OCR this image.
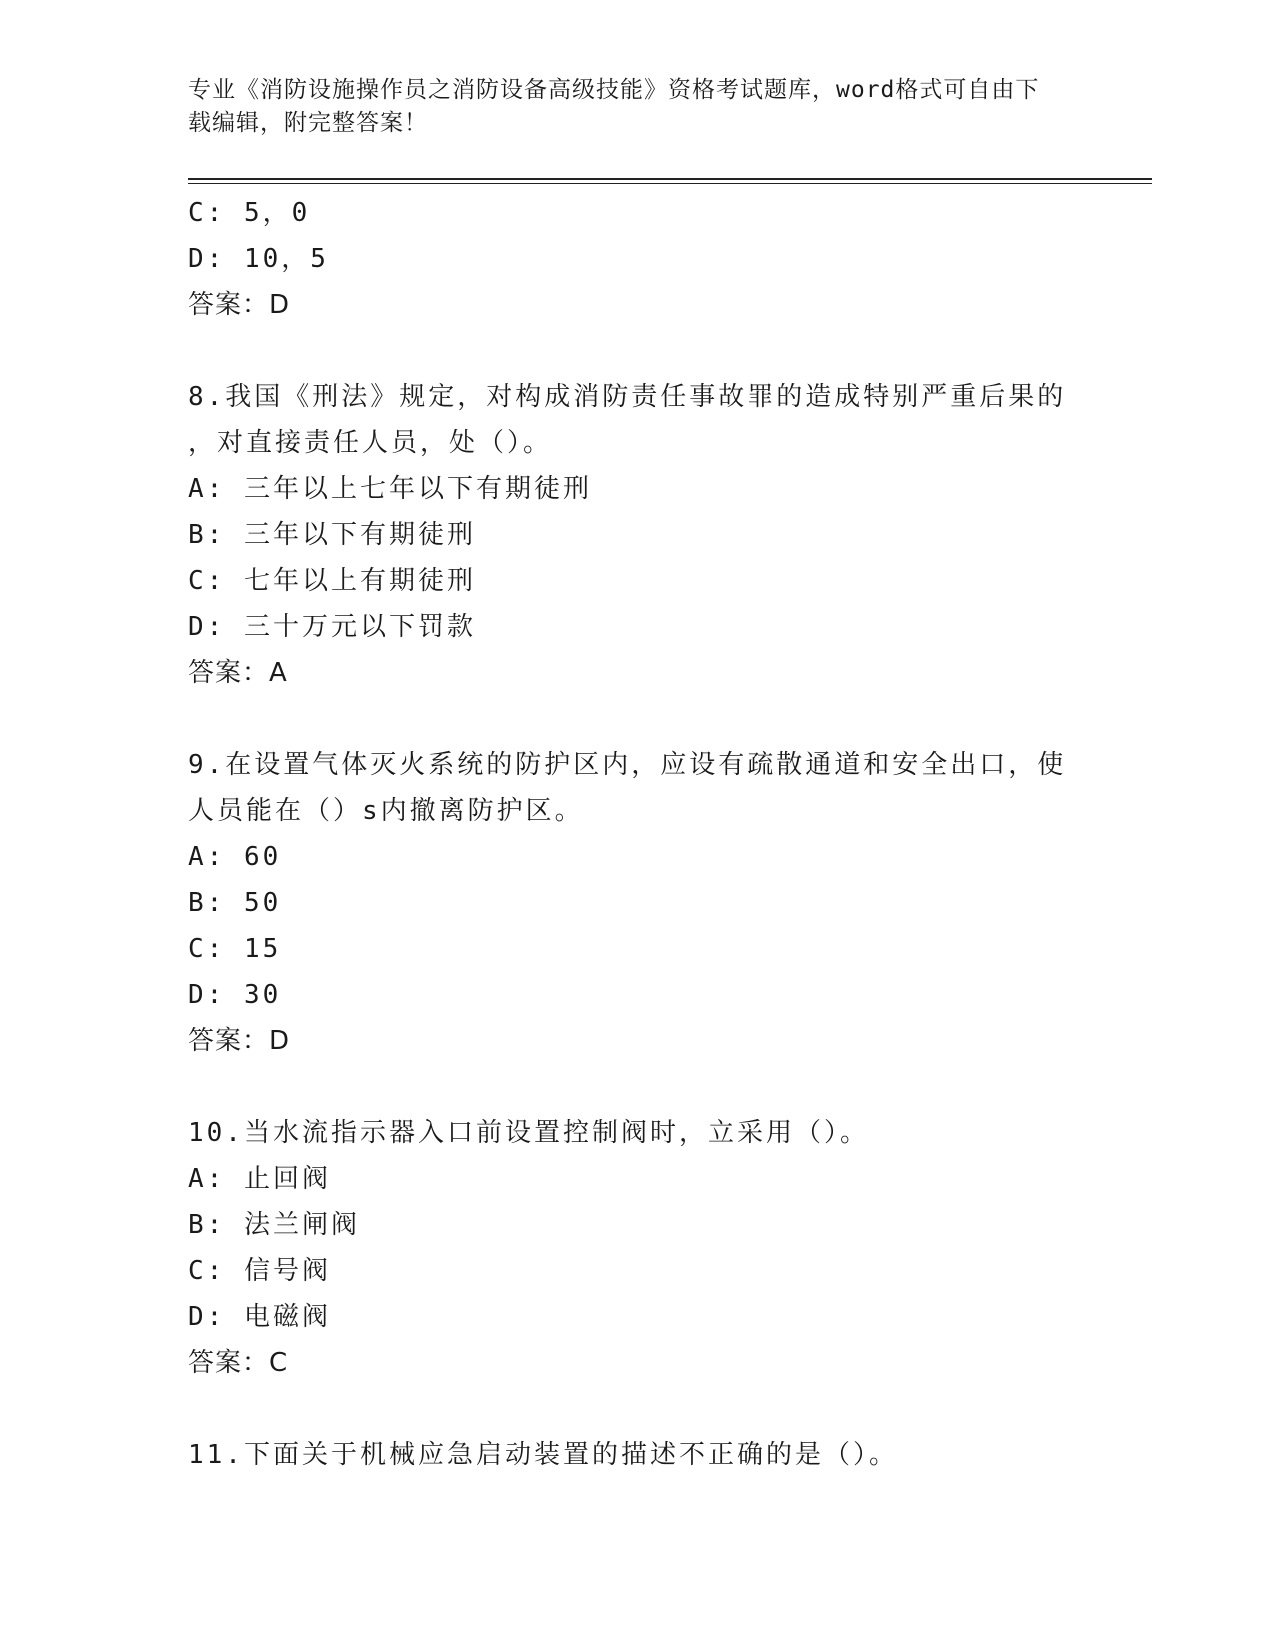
专业《消防设施操作员之消防设备高级技能》资格考试题库，word格式可自由下
载编辑，附完整答案！
C: 5，0
D: 10，5
答案：D
8.我国《刑法》规定，对构成消防责任事故罪的造成特别严重后果的
，对直接责任人员，处（）。
A: 三年以上七年以下有期徒刑
B: 三年以下有期徒刑
C: 七年以上有期徒刑
D: 三十万元以下罚款
答案：A
9.在设置气体灭火系统的防护区内，应设有疏散通道和安全出口，使
人员能在（）s内撤离防护区。
A: 60
B: 50
C: 15
D: 30
答案：D
10.当水流指示器入口前设置控制阀时，立采用（）。
A: 止回阀
B: 法兰闸阀
C: 信号阀
D: 电磁阀
答案：C
11.下面关于机械应急启动装置的描述不正确的是（）。
